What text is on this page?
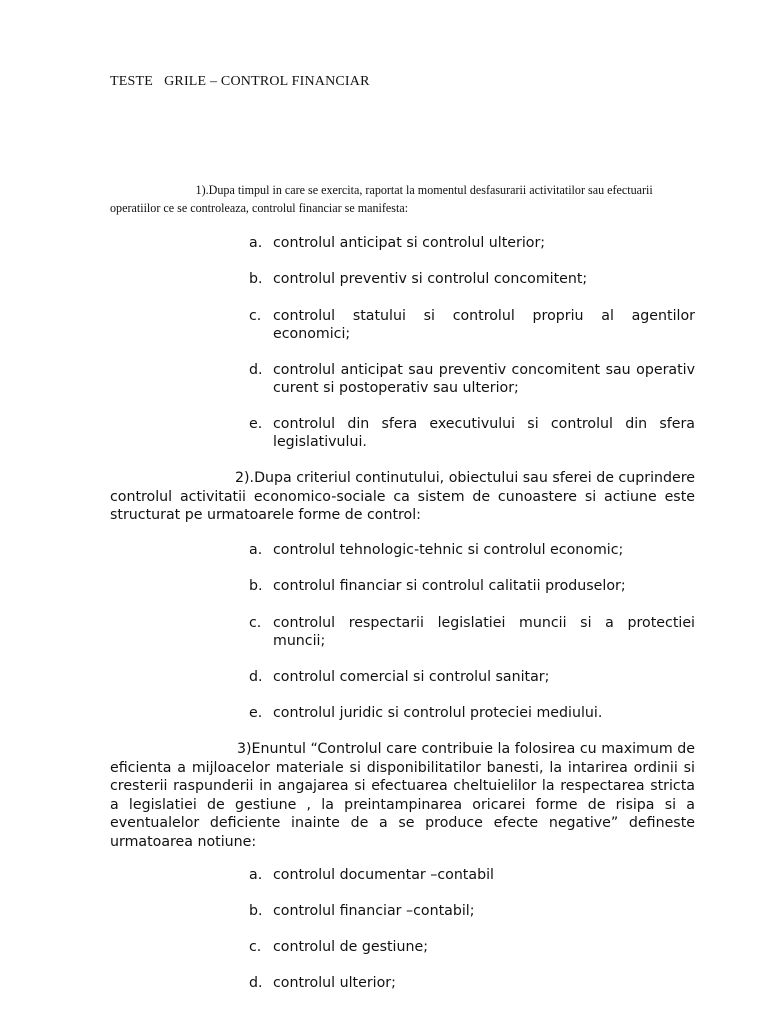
TESTE   GRILE – CONTROL FINANCIAR
1).Dupa timpul in care se exercita, raportat la momentul desfasurarii activitatilor sau efectuarii operatiilor ce se controleaza, controlul financiar se manifesta:
a. controlul anticipat si controlul ulterior;
b. controlul preventiv si controlul concomitent;
c. controlul statului si controlul propriu al agentilor economici;
d. controlul anticipat sau preventiv concomitent sau operativ curent si postoperativ sau ulterior;
e. controlul din sfera executivului si controlul din sfera legislativului.
2).Dupa criteriul continutului, obiectului sau sferei de cuprindere controlul activitatii economico-sociale ca sistem de cunoastere si actiune este structurat pe urmatoarele forme de control:
a. controlul tehnologic-tehnic si controlul economic;
b. controlul financiar si controlul calitatii produselor;
c. controlul respectarii legislatiei muncii si a protectiei muncii;
d. controlul comercial si controlul sanitar;
e. controlul juridic si controlul proteciei mediului.
3)Enuntul “Controlul care contribuie la folosirea cu maximum de eficienta a mijloacelor materiale si disponibilitatilor banesti, la intarirea ordinii si cresterii raspunderii in angajarea si efectuarea cheltuielilor la respectarea stricta a legislatiei de gestiune , la preintampinarea oricarei forme de risipa si a eventualelor deficiente inainte de a se produce efecte negative” defineste urmatoarea notiune:
a. controlul documentar –contabil
b. controlul financiar –contabil;
c. controlul de gestiune;
d. controlul ulterior;
